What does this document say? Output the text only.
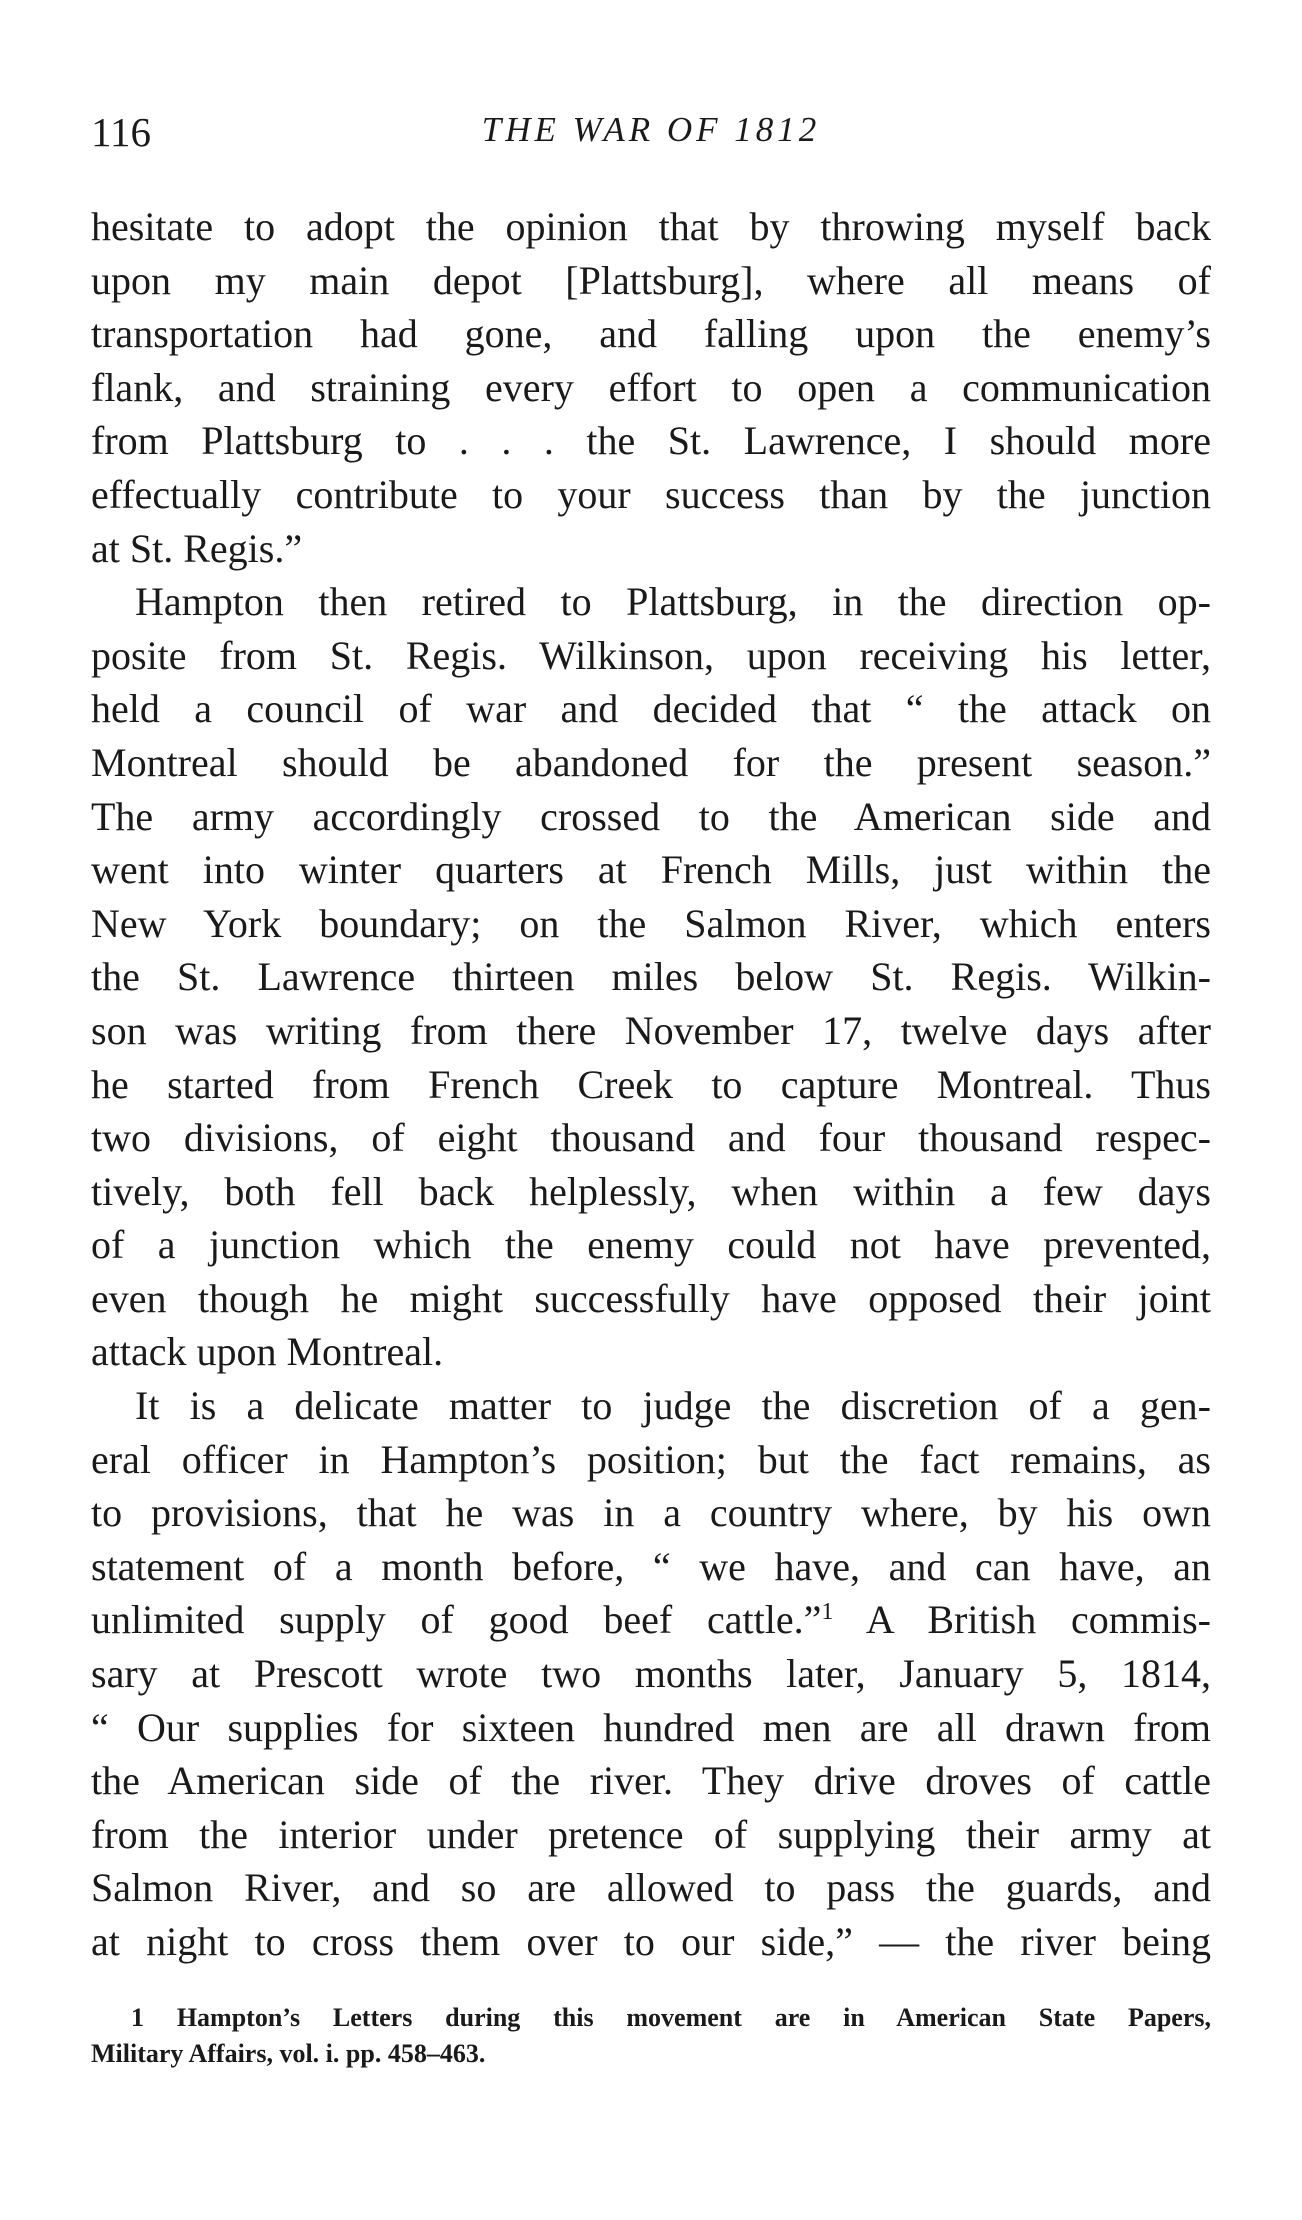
116	THE WAR OF 1812
hesitate to adopt the opinion that by throwing myself back
upon my main depot [Plattsburg], where all means of
transportation had gone, and falling upon the enemy’s
flank, and straining every effort to open a communication
from Plattsburg to . . . the St. Lawrence, I should more
effectually contribute to your success than by the junction
at St. Regis.”
Hampton then retired to Plattsburg, in the direction op-
posite from St. Regis. Wilkinson, upon receiving his letter,
held a council of war and decided that “ the attack on
Montreal should be abandoned for the present season.”
The army accordingly crossed to the American side and
went into winter quarters at French Mills, just within the
New York boundary; on the Salmon River, which enters
the St. Lawrence thirteen miles below St. Regis. Wilkin-
son was writing from there November 17, twelve days after
he started from French Creek to capture Montreal. Thus
two divisions, of eight thousand and four thousand respec-
tively, both fell back helplessly, when within a few days
of a junction which the enemy could not have prevented,
even though he might successfully have opposed their joint
attack upon Montreal.
It is a delicate matter to judge the discretion of a gen-
eral officer in Hampton’s position; but the fact remains, as
to provisions, that he was in a country where, by his own
statement of a month before, “ we have, and can have, an
unlimited supply of good beef cattle.”$^1$ A British commis-
sary at Prescott wrote two months later, January 5, 1814,
“ Our supplies for sixteen hundred men are all drawn from
the American side of the river. They drive droves of cattle
from the interior under pretence of supplying their army at
Salmon River, and so are allowed to pass the guards, and
at night to cross them over to our side,” — the river being
1 Hampton’s Letters during this movement are in American State Papers,
Military Affairs, vol. i. pp. 458–463.
